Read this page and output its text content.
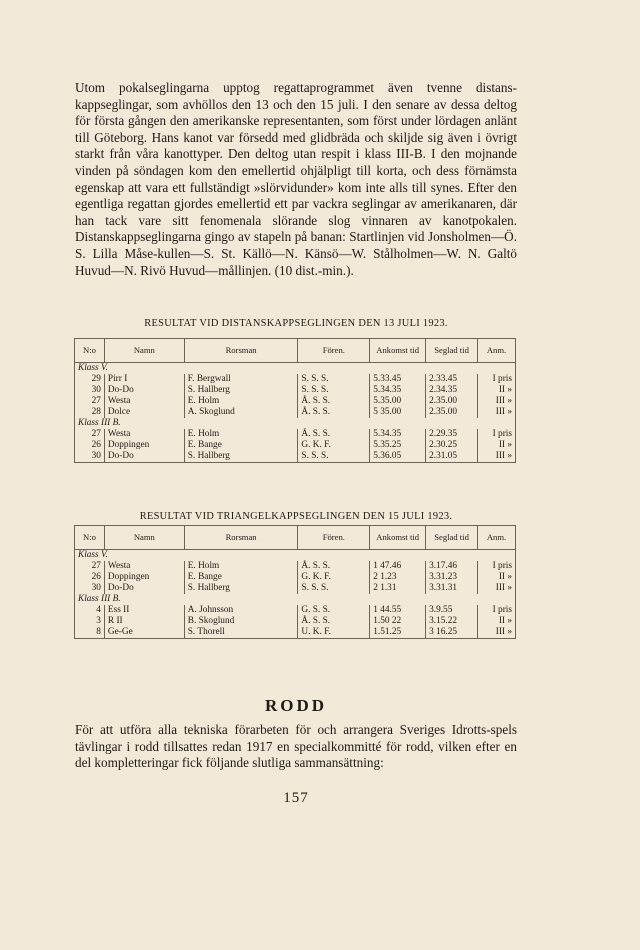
Utom pokalseglingarna upptog regattaprogrammet även tvenne distans-kappseglingar, som avhöllos den 13 och den 15 juli. I den senare av dessa deltog för första gången den amerikanske representanten, som först under lördagen anlänt till Göteborg. Hans kanot var försedd med glidbräda och skiljde sig även i övrigt starkt från våra kanottyper. Den deltog utan respit i klass III-B. I den mojnande vinden på söndagen kom den emellertid ohjälpligt till korta, och dess förnämsta egenskap att vara ett fullständigt »slörvidunder» kom inte alls till synes. Efter den egentliga regattan gjordes emellertid ett par vackra seglingar av amerikanaren, där han tack vare sitt fenomenala slörande slog vinnaren av kanotpokalen. Distanskappseglingarna gingo av stapeln på banan: Startlinjen vid Jonsholmen—Ö. S. Lilla Måse-kullen—S. St. Källö—N. Känsö—W. Stålholmen—W. N. Galtö Huvud—N. Rivö Huvud—mållinjen. (10 dist.-min.).

RESULTAT VID DISTANSKAPPSEGLINGEN DEN 13 JULI 1923.

N:o	Namn	Rorsman	Fören.	Ankomst tid	Seglad tid	Anm.
Klass V.						
29	Pirr I	F. Bergwall	S. S. S.	5.33.45	2.33.45	I pris
30	Do-Do	S. Hallberg	S. S. S.	5.34.35	2.34.35	II »
27	Westa	E. Holm	Å. S. S.	5.35.00	2.35.00	III »
28	Dolce	A. Skoglund	Å. S. S.	5 35.00	2.35.00	III »
Klass III B.						
27	Westa	E. Holm	Å. S. S.	5.34.35	2.29.35	I pris
26	Doppingen	E. Bange	G. K. F.	5.35.25	2.30.25	II »
30	Do-Do	S. Hallberg	S. S. S.	5.36.05	2.31.05	III »

RESULTAT VID TRIANGELKAPPSEGLINGEN DEN 15 JULI 1923.

N:o	Namn	Rorsman	Fören.	Ankomst tid	Seglad tid	Anm.
Klass V.						
27	Westa	E. Holm	Å. S. S.	1 47.46	3.17.46	I pris
26	Doppingen	E. Bange	G. K. F.	2 1.23	3.31.23	II »
30	Do-Do	S. Hallberg	S. S. S.	2 1.31	3.31.31	III »
Klass III B.						
4	Ess II	A. Johnsson	G. S. S.	1 44.55	3.9.55	I pris
3	R II	B. Skoglund	Å. S. S.	1.50 22	3.15.22	II »
8	Ge-Ge	S. Thorell	U. K. F.	1.51.25	3 16.25	III »
RODD

För att utföra alla tekniska förarbeten för och arrangera Sveriges Idrotts-spels tävlingar i rodd tillsattes redan 1917 en specialkommitté för rodd, vilken efter en del kompletteringar fick följande slutliga sammansättning:

157
